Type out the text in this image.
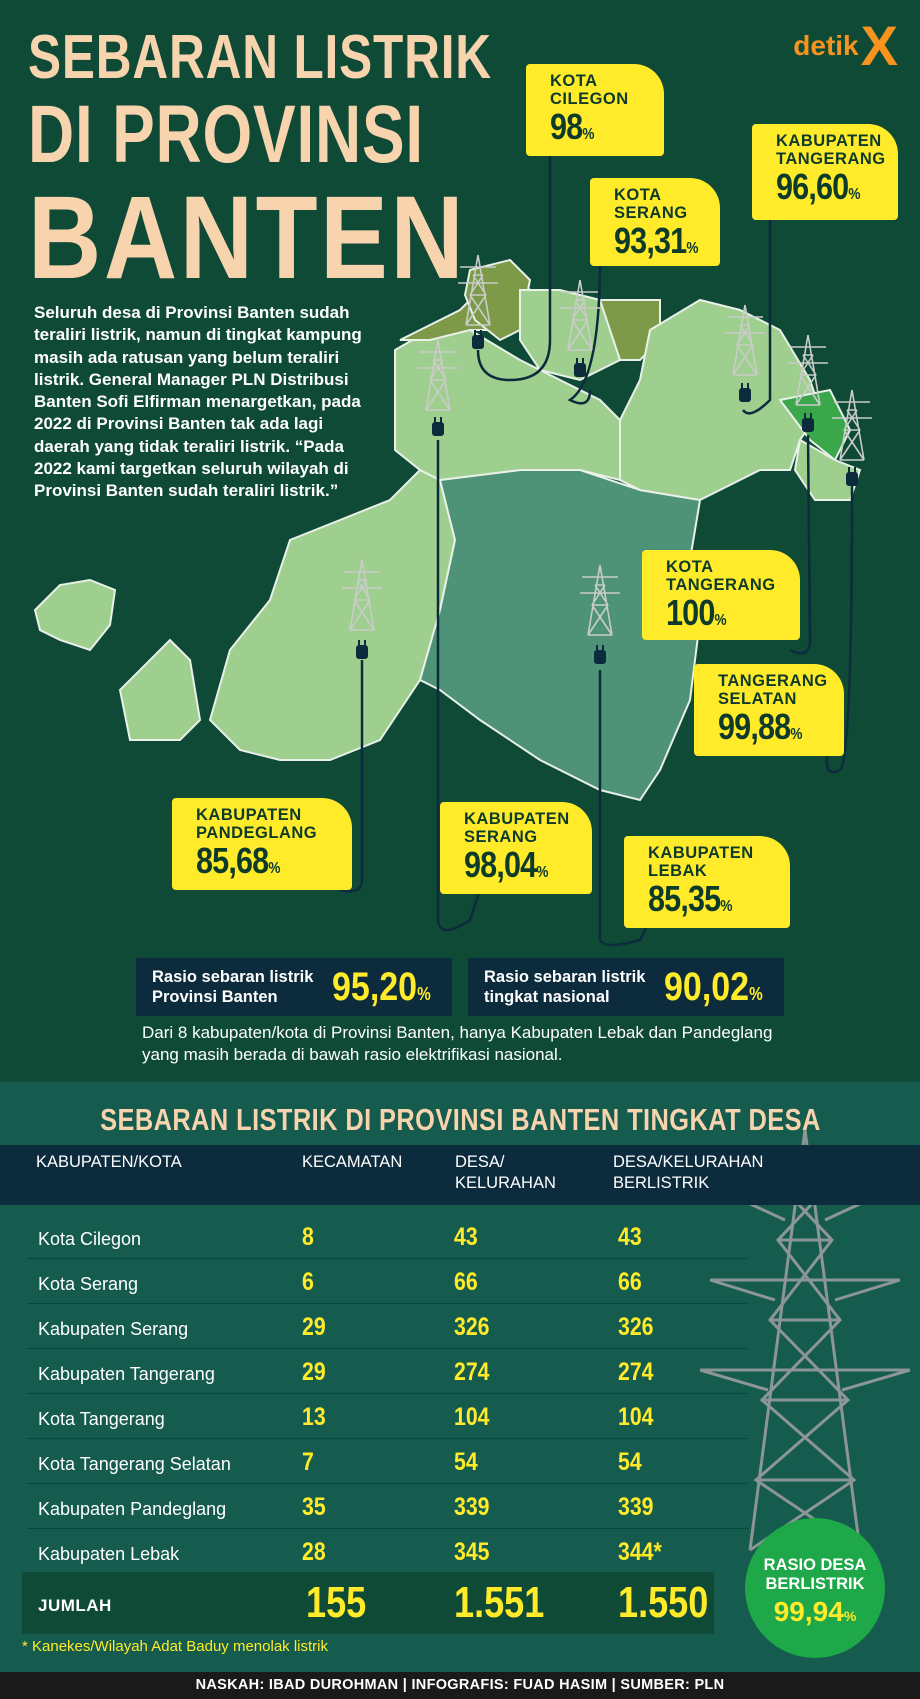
SEBARAN LISTRIK
DI PROVINSI
BANTEN
detik X
Seluruh desa di Provinsi Banten sudah teraliri listrik, namun di tingkat kampung masih ada ratusan yang belum teraliri listrik. General Manager PLN Distribusi Banten Sofi Elfirman menargetkan, pada 2022 di Provinsi Banten tak ada lagi daerah yang tidak teraliri listrik. “Pada 2022 kami targetkan seluruh wilayah di Provinsi Banten sudah teraliri listrik.”
KOTA
CILEGON
98%	KABUPATEN
TANGERANG
96,60%
KOTA
SERANG
93,31%
KOTA
TANGERANG
100%
TANGERANG
SELATAN
99,88%
KABUPATEN
PANDEGLANG
85,68%
KABUPATEN
SERANG
98,04%
KABUPATEN
LEBAK
85,35%
Rasio sebaran listrik
Provinsi Banten	95,20%
Rasio sebaran listrik
tingkat nasional	90,02%
Dari 8 kabupaten/kota di Provinsi Banten, hanya Kabupaten Lebak dan Pandeglang yang masih berada di bawah rasio elektrifikasi nasional.
SEBARAN LISTRIK DI PROVINSI BANTEN TINGKAT DESA
KABUPATEN/KOTA	KECAMATAN	DESA/
KELURAHAN
DESA/KELURAHAN
BERLISTRIK
Kota Cilegon	8	43	43
Kota Serang	6	66	66
Kabupaten Serang	29	326	326
Kabupaten Tangerang	29	274	274
Kota Tangerang	13	104	104
Kota Tangerang Selatan	7	54	54
Kabupaten Pandeglang	35	339	339
Kabupaten Lebak	28	345	344*
JUMLAH	155 1.551 1.550
* Kanekes/Wilayah Adat Baduy menolak listrik
RASIO DESA
BERLISTRIK
99,94%
NASKAH: IBAD DUROHMAN | INFOGRAFIS: FUAD HASIM | SUMBER: PLN
